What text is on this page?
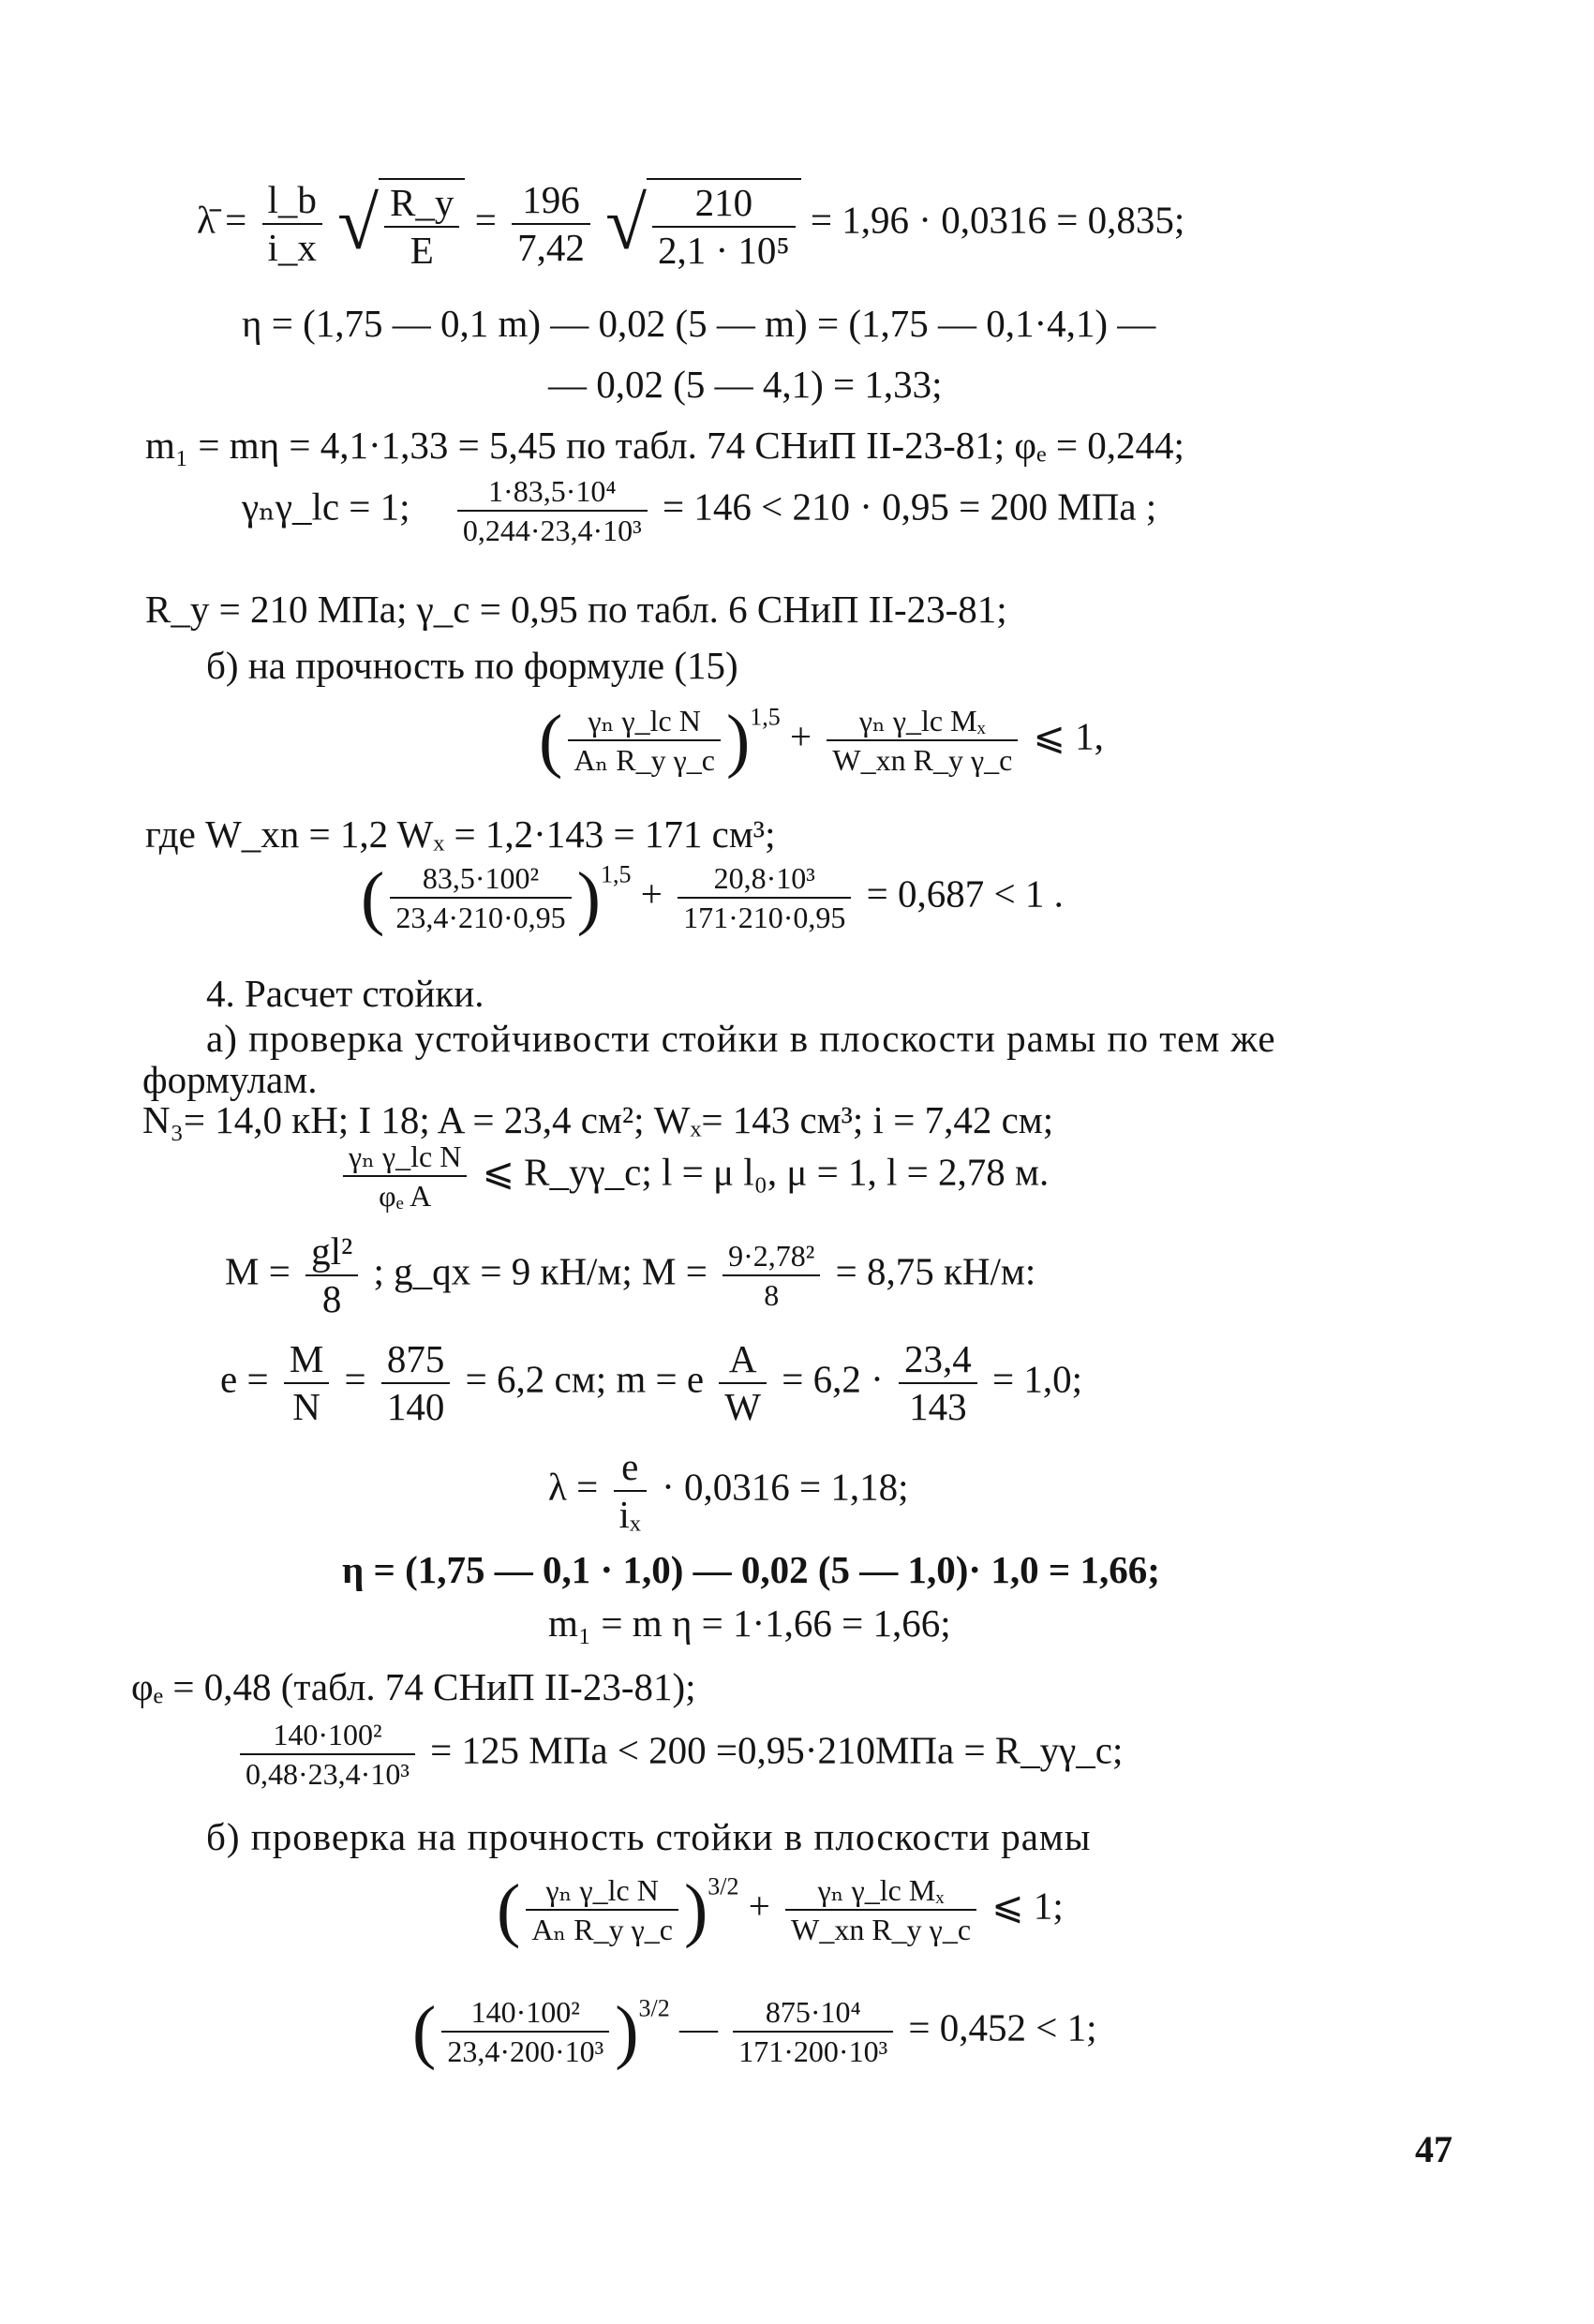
λ̄ = $\frac{l\_b}{i\_x}$ √ $\frac{R\_y}{E} = \frac{196}{7,42}$ √ $\frac{210}{\text{2,1 · 10⁵}} = 1,96 \cdot 0,0316 = 0,835$;
η = (1,75 — 0,1 m) — 0,02 (5 — m) = (1,75 — 0,1·4,1) —
— 0,02 (5 — 4,1) = 1,33;
m₁ = mη = 4,1·1,33 = 5,45 по табл. 74 СНиП II-23-81; φₑ = 0,244;
γₙγ_lc = 1; $\frac{\text{1·83,5·10⁴}}{\text{0,244·23,4·10³}} = 146 < 210 \cdot 0,95 = 200$ МПа ;
R_y = 210 МПа; γ_c = 0,95 по табл. 6 СНиП II-23-81;
б) на прочность по формуле (15)
( $\frac{\text{γₙ γ\_lc N}}{\text{Aₙ R\_y γ\_c}} )^{1,5} + \frac{\text{γₙ γ\_lc Mₓ}}{\text{W\_xn R\_y γ\_c}}$ ⩽ 1,
где W_xn = 1,2 Wₓ = 1,2·143 = 171 см³;
( $\frac{\text{83,5·100²}}{23,4\cdot 210\cdot 0,95} )^{1,5} + \frac{\text{20,8·10³}}{171\cdot 210\cdot 0,95} = 0,687 < 1$ .
4. Расчет стойки.
а) проверка устойчивости стойки в плоскости рамы по тем же
формулам.
N₃= 14,0 кН; I 18; A = 23,4 см²; Wₓ= 143 см³; i = 7,42 см;
$\frac{\text{γₙ γ\_lc N}}{\text{φₑ A}}$ ⩽ R_yγ_c; l = μ l₀, μ = 1, l = 2,78 м.
$M = \frac{\text{gl²}}{8}$ ; g_qx = 9 кН/м; $M = \frac{\text{9·2,78²}}{8} = 8,75$ кН/м:
$e = \frac{M}{N} = \frac{875}{140} = 6,2$ см; m = e $\frac{A}{W} = 6,2 \cdot \frac{23,4}{143} = 1,0$;
$\lambda = \frac{e}{\text{iₓ}} \cdot 0,0316 = 1,18$;
η = (1,75 — 0,1 · 1,0) — 0,02 (5 — 1,0)· 1,0 = 1,66;
m₁ = m η = 1·1,66 = 1,66;
φₑ = 0,48 (табл. 74 СНиП II-23-81);
$\frac{\text{140·100²}}{\text{0,48·23,4·10³}} = 125$ МПа < 200 =0,95·210МПа = R_yγ_c;
б) проверка на прочность стойки в плоскости рамы
( $\frac{\text{γₙ γ\_lc N}}{\text{Aₙ R\_y γ\_c}} )^{3/2} + \frac{\text{γₙ γ\_lc Mₓ}}{\text{W\_xn R\_y γ\_c}}$ ⩽ 1;
( $\frac{\text{140·100²}}{\text{23,4·200·10³}} )^{3/2}$ — $\frac{\text{875·10⁴}}{\text{171·200·10³}} = 0,452 < 1$;
47
